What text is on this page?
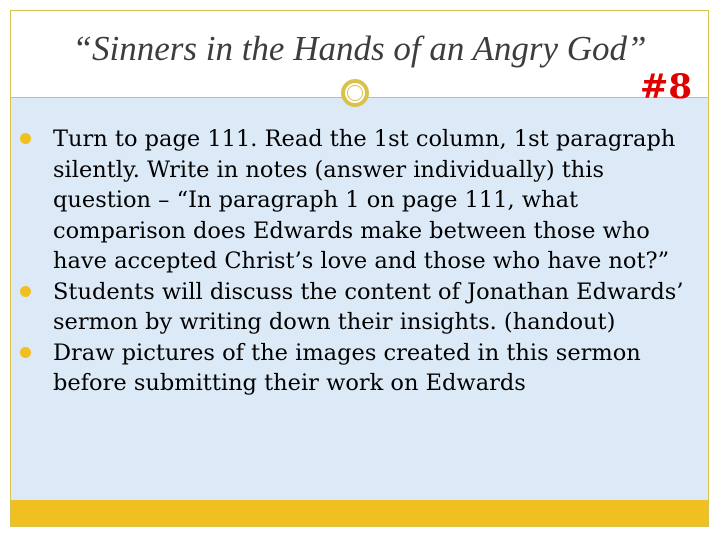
“Sinners in the Hands of an Angry God”
#8
Turn to page 111. Read the 1st column, 1st paragraph silently. Write in notes (answer individually) this question – “In paragraph 1 on page 111, what comparison does Edwards make between those who have accepted Christ’s love and those who have not?”
Students will discuss the content of Jonathan Edwards’ sermon by writing down their insights. (handout)
Draw pictures of the images created in this sermon before submitting their work on Edwards
